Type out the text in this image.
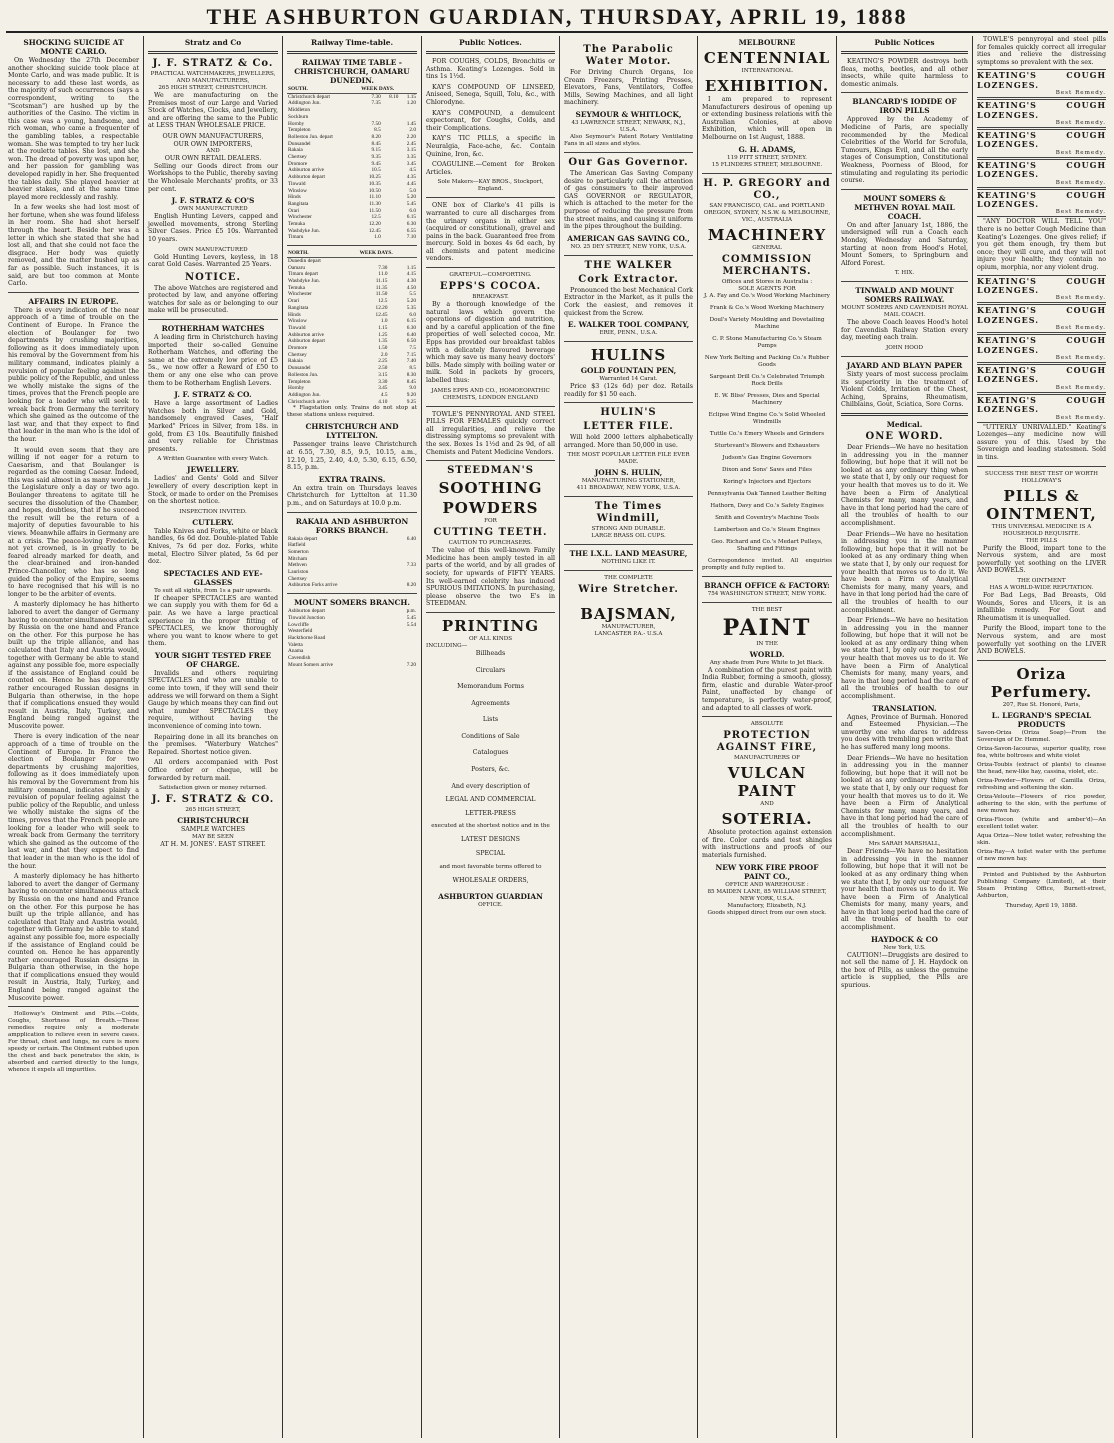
THE ASHBURTON GUARDIAN, THURSDAY, APRIL 19, 1888
SHOCKING SUICIDE AT MONTE CARLO.

On Wednesday the 27th December another shocking suicide took place at Monte Carlo, and was made public. It is necessary to add these last words, as the majority of such occurrences (says a correspondent, writing to the "Scotsman") are hushed up by the authorities of the Casino. The victim in this case was a young, handsome, and rich woman, who came a frequenter of the gambling tables, a respectable woman. She was tempted to try her luck at the roulette tables. She lost, and she won. The dread of poverty was upon her, and her passion for gambling was developed rapidly in her. She frequented the tables daily. She played heavier at heavier stakes, and at the same time played more recklessly and rashly.

In a few weeks she had lost most of her fortune, when she was found lifeless in her room. She had shot herself through the heart. Beside her was a letter in which she stated that she had lost all, and that she could not face the disgrace. Her body was quietly removed, and the matter hushed up as far as possible. Such instances, it is said, are but too common at Monte Carlo.

AFFAIRS IN EUROPE.

There is every indication of the near approach of a time of trouble on the Continent of Europe. In France the election of Boulanger for two departments by crushing majorities, following as it does immediately upon his removal by the Government from his military command, indicates plainly a revulsion of popular feeling against the public policy of the Republic, and unless we wholly mistake the signs of the times, proves that the French people are looking for a leader who will seek to wreak back from Germany the territory which she gained as the outcome of the last war, and that they expect to find that leader in the man who is the idol of the hour.

It would even seem that they are willing if not eager for a return to Caesarism, and that Boulanger is regarded as the coming Caesar. Indeed, this was said almost in as many words in the Legislature only a day or two ago. Boulanger threatens to agitate till he secures the dissolution of the Chamber, and hopes, doubtless, that if he succeed the result will be the return of a majority of deputies favourable to his views. Meanwhile affairs in Germany are at a crisis. The peace-loving Frederick, not yet crowned, is in greatly to be feared already marked for death, and the clear-brained and iron-handed Prince-Chancellor, who has so long guided the policy of the Empire, seems to have recognised that his will is no longer to be the arbiter of events.

A masterly diplomacy he has hitherto labored to avert the danger of Germany having to encounter simultaneous attack by Russia on the one hand and France on the other. For this purpose he has built up the triple alliance, and has calculated that Italy and Austria would, together with Germany be able to stand against any possible foe, more especially if the assistance of England could be counted on. Hence he has apparently rather encouraged Russian designs in Bulgaria than otherwise, in the hope that if complications ensued they would result in Austria, Italy, Turkey, and England being ranged against the Muscovite power.

There is every indication of the near approach of a time of trouble on the Continent of Europe. In France the election of Boulanger for two departments by crushing majorities, following as it does immediately upon his removal by the Government from his military command, indicates plainly a revulsion of popular feeling against the public policy of the Republic, and unless we wholly mistake the signs of the times, proves that the French people are looking for a leader who will seek to wreak back from Germany the territory which she gained as the outcome of the last war, and that they expect to find that leader in the man who is the idol of the hour.

A masterly diplomacy he has hitherto labored to avert the danger of Germany having to encounter simultaneous attack by Russia on the one hand and France on the other. For this purpose he has built up the triple alliance, and has calculated that Italy and Austria would, together with Germany be able to stand against any possible foe, more especially if the assistance of England could be counted on. Hence he has apparently rather encouraged Russian designs in Bulgaria than otherwise, in the hope that if complications ensued they would result in Austria, Italy, Turkey, and England being ranged against the Muscovite power.

Holloway's Ointment and Pills.—Colds, Coughs, Shortness of Breath.—These remedies require only a moderate ampplication to relieve even in severe cases. For throat, chest and lungs, no cure is more speedy or certain. The Ointment rubbed upon the chest and back penetrates the skin, is absorbed and carried directly to the lungs, whence it expels all impurities.

Stratz and Co
J. F. STRATZ & Co.
PRACTICAL WATCHMAKERS, JEWELLERS, AND MANUFACTURERS,
265 HIGH STREET, CHRISTCHURCH.

We are manufacturing on the Premises most of our Large and Varied Stock of Watches, Clocks, and Jewellery, and are offering the same to the Public at LESS THAN WHOLESALE PRICE.

OUR OWN MANUFACTURERS,
OUR OWN IMPORTERS,
AND
OUR OWN RETAIL DEALERS.

Selling our Goods direct from our Workshops to the Public, thereby saving the Wholesale Merchants' profits, or 33 per cent.

J. F. STRATZ & CO'S
OWN MANUFACTURED

English Hunting Levers, capped and jewelled movements, strong Sterling Silver Cases. Price £5 10s. Warranted 10 years.

OWN MANUFACTURED

Gold Hunting Levers, keyless, in 18 carat Gold Cases. Warranted 25 Years.

NOTICE.

The above Watches are registered and protected by law, and anyone offering watches for sale as or belonging to our make will be prosecuted.

ROTHERHAM WATCHES

A leading firm in Christchurch having imported their so-called Genuine Rotherham Watches, and offering the same at the extremely low price of £5 5s., we now offer a Reward of £50 to them or any one else who can prove them to be Rotherham English Levers.

J. F. STRATZ & CO.

Have a large assortment of Ladies Watches both in Silver and Gold, handsomely engraved Cases, "Half Marked" Prices in Silver, from 18s. in gold, from £3 10s. Beautifully finished and very reliable for Christmas presents.

A Written Guarantee with every Watch.
JEWELLERY.

Ladies' and Gents' Gold and Silver Jewellery of every description kept in Stock, or made to order on the Premises on the shortest notice.

INSPECTION INVITED.
CUTLERY.

Table Knives and Forks, white or black handles, 6s 6d doz. Double-plated Table Knives, 7s 6d per doz. Forks, white metal, Electro Silver plated, 5s 6d per doz.

SPECTACLES AND EYE-GLASSES
To suit all sights, from 1s a pair upwards.

If cheaper SPECTACLES are wanted we can supply you with them for 6d a pair. As we have a large practical experience in the proper fitting of SPECTACLES, we know thoroughly where you want to know where to get them.

YOUR SIGHT TESTED FREE OF CHARGE.

Invalids and others requiring SPECTACLES and who are unable to come into town, if they will send their address we will forward on them a Sight Gauge by which means they can find out what number SPECTACLES they require, without having the inconvenience of coming into town.

Repairing done in all its branches on the premises. "Waterbury Watches" Repaired. Shortest notice given.

All orders accompanied with Post Office order or cheque, will be forwarded by return mail.

Satisfaction given or money returned.
J. F. STRATZ & CO.
265 HIGH STREET,
CHRISTCHURCH
SAMPLE WATCHES
MAY BE SEEN
AT H. M. JONES'. EAST STREET.
Railway Time-table.
RAILWAY TIME TABLE - CHRISTCHURCH, OAMARU DUNEDIN.
SOUTH.	WEEK DAYS.		
Christchurch depart	7.30	8.10	1.15
Addington Jun.	7.35		1.20
Middleton			
Sockburn			
Hornby	7.50		1.45
Templeton	8.5		2.0
Rolleston Jun. depart	8.20		2.20
Dunsandel	8.45		2.45
Rakaia	9.15		3.15
Chertsey	9.35		3.35
Dromore	9.45		3.45
Ashburton arrive	10.5		4.5
Ashburton depart	10.25		4.35
Tinwald	10.35		4.45
Winslow	10.50		5.0
Hinds	11.10		5.20
Rangitata	11.30		5.45
Orari	11.50		6.0
Winchester	12.5		6.15
Temuka	12.20		6.30
Washdyke Jun.	12.45		6.55
Timaru	1.0		7.10
NORTH.	WEEK DAYS.		
Dunedin depart			
Oamaru	7.30		1.15
Timaru depart	11.0		4.15
Washdyke Jun.	11.15		4.30
Temuka	11.35		4.50
Winchester	11.50		5.5
Orari	12.5		5.20
Rangitata	12.20		5.35
Hinds	12.45		6.0
Winslow	1.0		6.15
Tinwald	1.15		6.30
Ashburton arrive	1.25		6.40
Ashburton depart	1.35		6.50
Dromore	1.50		7.5
Chertsey	2.0		7.15
Rakaia	2.25		7.40
Dunsandel	2.50		8.5
Rolleston Jun.	3.15		8.30
Templeton	3.30		8.45
Hornby	3.45		9.0
Addington Jun.	4.5		9.20
Christchurch arrive	4.10		9.25

* Flagstation only. Trains do not stop at these stations unless required.

CHRISTCHURCH AND LYTTELTON.

Passenger trains leave Christchurch at 6.55, 7.30, 8.5, 9.5, 10.15, a.m., 12.10, 1.25, 2.40, 4.0, 5.30, 6.15, 6.50, 8.15, p.m.

EXTRA TRAINS.

An extra train on Thursdays leaves Christchurch for Lyttelton at 11.30 p.m., and on Saturdays at 10.0 p.m.

RAKAIA AND ASHBURTON FORKS BRANCH.
Rakaia depart	6.40
Hatfield	
Somerton	
Mitcham	
Methven	7.33
Lauriston	
Chertsey	
Ashburton Forks arrive	8.20
MOUNT SOMERS BRANCH.
Ashburton depart	p.m.
Tinwald Junction	5.45
Lowcliffe	5.54
Westerfield	
Hackthorne Road	
Valetta	
Anama	
Cavendish	
Mount Somers arrive	7.20
Public Notices.

FOR COUGHS, COLDS, Bronchitis or Asthma. Keating's Lozenges. Sold in tins 1s 1½d.

KAY'S COMPOUND OF LINSEED, Aniseed, Senega, Squill, Tolu, &c., with Chlorodyne.

KAY'S COMPOUND, a demulcent expectorant, for Coughs, Colds, and their Complications.

KAY'S TIC PILLS, a specific in Neuralgia, Face-ache, &c. Contain Quinine, Iron, &c.

COAGULINE.—Cement for Broken Articles.

Sole Makers—KAY BROS., Stockport, England.

ONE box of Clarke's 41 pills is warranted to cure all discharges from the urinary organs in either sex (acquired or constitutional), gravel and pains in the back. Guaranteed free from mercury. Sold in boxes 4s 6d each, by all chemists and patent medicine vendors.

GRATEFUL—COMFORTING.
EPPS'S COCOA.
BREAKFAST.

By a thorough knowledge of the natural laws which govern the operations of digestion and nutrition, and by a careful application of the fine properties of well selected cocoa, Mr. Epps has provided our breakfast tables with a delicately flavoured beverage which may save us many heavy doctors' bills. Made simply with boiling water or milk. Sold in packets by grocers, labelled thus:

JAMES EPPS AND CO., HOMOEOPATHIC CHEMISTS, LONDON ENGLAND

TOWLE'S PENNYROYAL AND STEEL PILLS FOR FEMALES quickly correct all irregularities, and relieve the distressing symptoms so prevalent with the sex. Boxes 1s 1½d and 2s 9d, of all Chemists and Patent Medicine Vendors.

STEEDMAN'S
SOOTHING
POWDERS
FOR
CUTTING TEETH.
CAUTION TO PURCHASERS.

The value of this well-known Family Medicine has been amply tested in all parts of the world, and by all grades of society, for upwards of FIFTY YEARS. Its well-earned celebrity has induced SPURIOUS IMITATIONS. In purchasing, please observe the two E's in STEEDMAN.

PRINTING
OF ALL KINDS
INCLUDING—
Billheads
Circulars
Memorandum Forms
Agreements
Lists
Conditions of Sale
Catalogues
Posters, &c.
And every description of
LEGAL AND COMMERCIAL
LETTER-PRESS
executed at the shortest notice and in the
LATEST DESIGNS
SPECIAL
and most favorable terms offered to
WHOLESALE ORDERS,
ASHBURTON GUARDIAN
OFFICE.
The Parabolic Water Motor.

For Driving Church Organs, Ice Cream Freezers, Printing Presses, Elevators, Fans, Ventilators, Coffee Mills, Sewing Machines, and all light machinery.

SEYMOUR & WHITLOCK,
43 LAWRENCE STREET, NEWARK, N.J., U.S.A.

Also Seymour's Patent Rotary Ventilating Fans in all sizes and styles.

Our Gas Governor.

The American Gas Saving Company desire to particularly call the attention of gas consumers to their improved GAS GOVERNOR or REGULATOR, which is attached to the meter for the purpose of reducing the pressure from the street mains, and causing it uniform in the pipes throughout the building.

AMERICAN GAS SAVING CO.,
NO. 25 DEY STREET, NEW YORK, U.S.A.
THE WALKER
Cork Extractor.

Pronounced the best Mechanical Cork Extractor in the Market, as it pulls the Cork the easiest, and removes it quickest from the Screw.

E. WALKER TOOL COMPANY,
ERIE, PENN., U.S.A.
HULINS
GOLD FOUNTAIN PEN,
Warranted 14 Carat.

Price $3 (12s 6d) per doz. Retails readily for $1 50 each.

HULIN'S
LETTER FILE.

Will hold 2000 letters alphabetically arranged. More than 50,000 in use.

THE MOST POPULAR LETTER FILE EVER MADE.
JOHN S. HULIN,
MANUFACTURING STATIONER,
411 BROADWAY, NEW YORK, U.S.A.
The Times Windmill,
STRONG AND DURABLE.
LARGE BRASS OIL CUPS.
THE I.X.L. LAND MEASURE,
NOTHING LIKE IT.
THE COMPLETE
Wire Stretcher.
BAJSMAN,
MANUFACTURER,
LANCASTER P.A.- U.S.A
MELBOURNE
CENTENNIAL
INTERNATIONAL
EXHIBITION.

I am prepared to represent Manufacturers desirous of opening up or extending business relations with the Australian Colonies, at above Exhibition, which will open in Melbourne on 1st August, 1888.

G. H. ADAMS,
119 PITT STREET, SYDNEY.
15 FLINDERS STREET, MELBOURNE.
H. P. GREGORY and CO.,
SAN FRANCISCO, CAL. and PORTLAND OREGON, SYDNEY, N.S.W. & MELBOURNE, VIC., AUSTRALIA
MACHINERY
GENERAL
COMMISSION MERCHANTS.
Offices and Stores in Australia :
SOLE AGENTS FOR
J. A. Fay and Co.'s Wood Working Machinery
Frank & Co.'s Wood Working Machinery
Doul's Variety Moulding and Dovetailing Machine
C. P. Stone Manufacturing Co.'s Steam Pumps
New York Belting and Packing Co.'s Rubber Goods
Sargeant Drill Co.'s Celebrated Triumph Rock Drills
E. W. Bliss' Presses, Dies and Special Machinery
Eclipse Wind Engine Co.'s Solid Wheeled Windmills
Tuttle Co.'s Emery Wheels and Grinders
Sturtevant's Blowers and Exhausters
Judson's Gas Engine Governors
Dixon and Sons' Saws and Files
Koring's Injectors and Ejectors
Pennsylvania Oak Tanned Leather Belting
Hathorn, Davy and Co.'s Safety Engines
Smith and Coventry's Machine Tools
Lambertson and Co.'s Steam Engines
Geo. Richard and Co.'s Medart Pulleys, Shafting and Fittings

Correspondence invited. All enquiries promptly and fully replied to.

BRANCH OFFICE & FACTORY:
754 WASHINGTON STREET, NEW YORK.
THE BEST
PAINT
IN THE
WORLD.
Any shade from Pure White to Jet Black.

A combination of the purest paint with India Rubber, forming a smooth, glossy, firm, elastic and durable Water-proof Paint, unaffected by change of temperature, is perfectly water-proof, and adapted to all classes of work.

ABSOLUTE
PROTECTION AGAINST FIRE,
MANUFACTURERS OF
VULCAN PAINT
AND
SOTERIA.

Absolute protection against extension of fire. Color cards and test shingles with instructions and proofs of our materials furnished.

NEW YORK FIRE PROOF PAINT CO.,
OFFICE AND WAREHOUSE :
85 MAIDEN LANE, 85 WILLIAM STREET, NEW YORK, U.S.A.
Manufactory, Elizabeth, N.J.
Goods shipped direct from our own stock.
Public Notices

KEATING'S POWDER destroys both fleas, moths, beetles, and all other insects, while quite harmless to domestic animals.

BLANCARD'S IODIDE OF IRON PILLS

Approved by the Academy of Medicine of Paris, are specially recommended by the Medical Celebrities of the World for Scrofula, Tumours, Kings Evil, and all the early stages of Consumption, Constitutional Weakness, Poorness of Blood, for stimulating and regulating its periodic course.

MOUNT SOMERS & METHVEN ROYAL MAIL COACH.

On and after January 1st, 1886, the undersigned will run a Coach each Monday, Wednesday and Saturday, starting at noon from Hood's Hotel, Mount Somers, to Springburn and Alford Forest.

T. HIX.
TINWALD AND MOUNT SOMERS RAILWAY.
MOUNT SOMERS AND CAVENDISH ROYAL MAIL COACH.

The above Coach leaves Hood's hotel for Cavendish Railway Station every day, meeting each train.

JOHN HOOD
JAYARD AND BLAYN PAPER

Sixty years of most success proclaim its superiority in the treatment of Violent Colds, Irritation of the Chest, Aching, Sprains, Rheumatism, Chilblains, Gout, Sciatica, Sore Corns.

Medical.
ONE WORD.

Dear Friends—We have no hesitation in addressing you in the manner following, but hope that it will not be looked at as any ordinary thing when we state that I, by only our request for your health that moves us to do it. We have been a Firm of Analytical Chemists for many, many years, and have in that long period had the care of all the troubles of health to our accomplishment.

Dear Friends—We have no hesitation in addressing you in the manner following, but hope that it will not be looked at as any ordinary thing when we state that I, by only our request for your health that moves us to do it. We have been a Firm of Analytical Chemists for many, many years, and have in that long period had the care of all the troubles of health to our accomplishment.

Dear Friends—We have no hesitation in addressing you in the manner following, but hope that it will not be looked at as any ordinary thing when we state that I, by only our request for your health that moves us to do it. We have been a Firm of Analytical Chemists for many, many years, and have in that long period had the care of all the troubles of health to our accomplishment.

TRANSLATION.

Agnes, Province of Burmah. Honored and Esteemed Physician.—The unworthy one who dares to address you does with trembling pen write that he has suffered many long moons.

Dear Friends—We have no hesitation in addressing you in the manner following, but hope that it will not be looked at as any ordinary thing when we state that I, by only our request for your health that moves us to do it. We have been a Firm of Analytical Chemists for many, many years, and have in that long period had the care of all the troubles of health to our accomplishment.

Mrs SARAH MARSHALL,

Dear Friends—We have no hesitation in addressing you in the manner following, but hope that it will not be looked at as any ordinary thing when we state that I, by only our request for your health that moves us to do it. We have been a Firm of Analytical Chemists for many, many years, and have in that long period had the care of all the troubles of health to our accomplishment.

HAYDOCK & CO
New York, U.S.

CAUTION!—Druggists are desired to not sell the name of J. H. Haydock on the box of Pills, as unless the genuine article is supplied, the Pills are spurious.

TOWLE'S pennyroyal and steel pills for females quickly correct all irregular ities and relieve the distressing symptoms so prevalent with the sex.

KEATING'S COUGH LOZENGES.
Best Remedy.
KEATING'S COUGH LOZENGES.
Best Remedy.
KEATING'S COUGH LOZENGES.
Best Remedy.
KEATING'S COUGH LOZENGES.
Best Remedy.
KEATING'S COUGH LOZENGES.
Best Remedy.

"ANY DOCTOR WILL TELL YOU" there is no better Cough Medicine than Keating's Lozenges. One gives relief; if you get them enough, try them but once; they will cure, and they will not injure your health; they contain no opium, morphia, nor any violent drug.

KEATING'S COUGH LOZENGES.
Best Remedy.
KEATING'S COUGH LOZENGES.
Best Remedy.
KEATING'S COUGH LOZENGES.
Best Remedy.
KEATING'S COUGH LOZENGES.
Best Remedy.
KEATING'S COUGH LOZENGES.
Best Remedy.

"UTTERLY UNRIVALLED." Keating's Lozenges—any medicine now will assure you of this. Used by the Sovereign and leading statesmen. Sold in tins.

SUCCESS THE BEST TEST OF WORTH
HOLLOWAY'S
PILLS & OINTMENT,
THIS UNIVERSAL MEDICINE IS A HOUSEHOLD REQUISITE.
THE PILLS

Purify the Blood, impart tone to the Nervous system, and are most powerfully yet soothing on the LIVER AND BOWELS.

THE OINTMENT
HAS A WORLD-WIDE REPUTATION.

For Bad Legs, Bad Breasts, Old Wounds, Sores and Ulcers, it is an infallible remedy. For Gout and Rheumatism it is unequalled.

Purify the Blood, impart tone to the Nervous system, and are most powerfully yet soothing on the LIVER AND BOWELS.

Oriza Perfumery.
207, Rue St. Honoré, Paris,
L. LEGRAND'S SPECIAL PRODUCTS
Savon-Oriza (Oriza Soap)—From the Sovereign of Dr. Hemmel.
Oriza-Savon-Iacouras, superior quality, rose fea, white boltroses and white violet
Oriza-Toubis (extract of plants) to cleanse the head, new-like hay, cassina, violet, etc.
Oriza-Powder—Flowers of Camilla Oriza, refreshing and softening the skin.
Oriza-Veloute—Flowers of rice powder, adhering to the skin, with the perfume of new mown hay.
Oriza-Flocon (white and amber'd)—An excellent toilet water.
Aqua Oriza—New toilet water, refreshing the skin.
Oriza-Ray—A toilet water with the perfume of new mown hay.

Printed and Published by the Ashburton Publishing Company (Limited), at their Steam Printing Office, Burnett-street, Ashburton,

Thursday, April 19, 1888.
